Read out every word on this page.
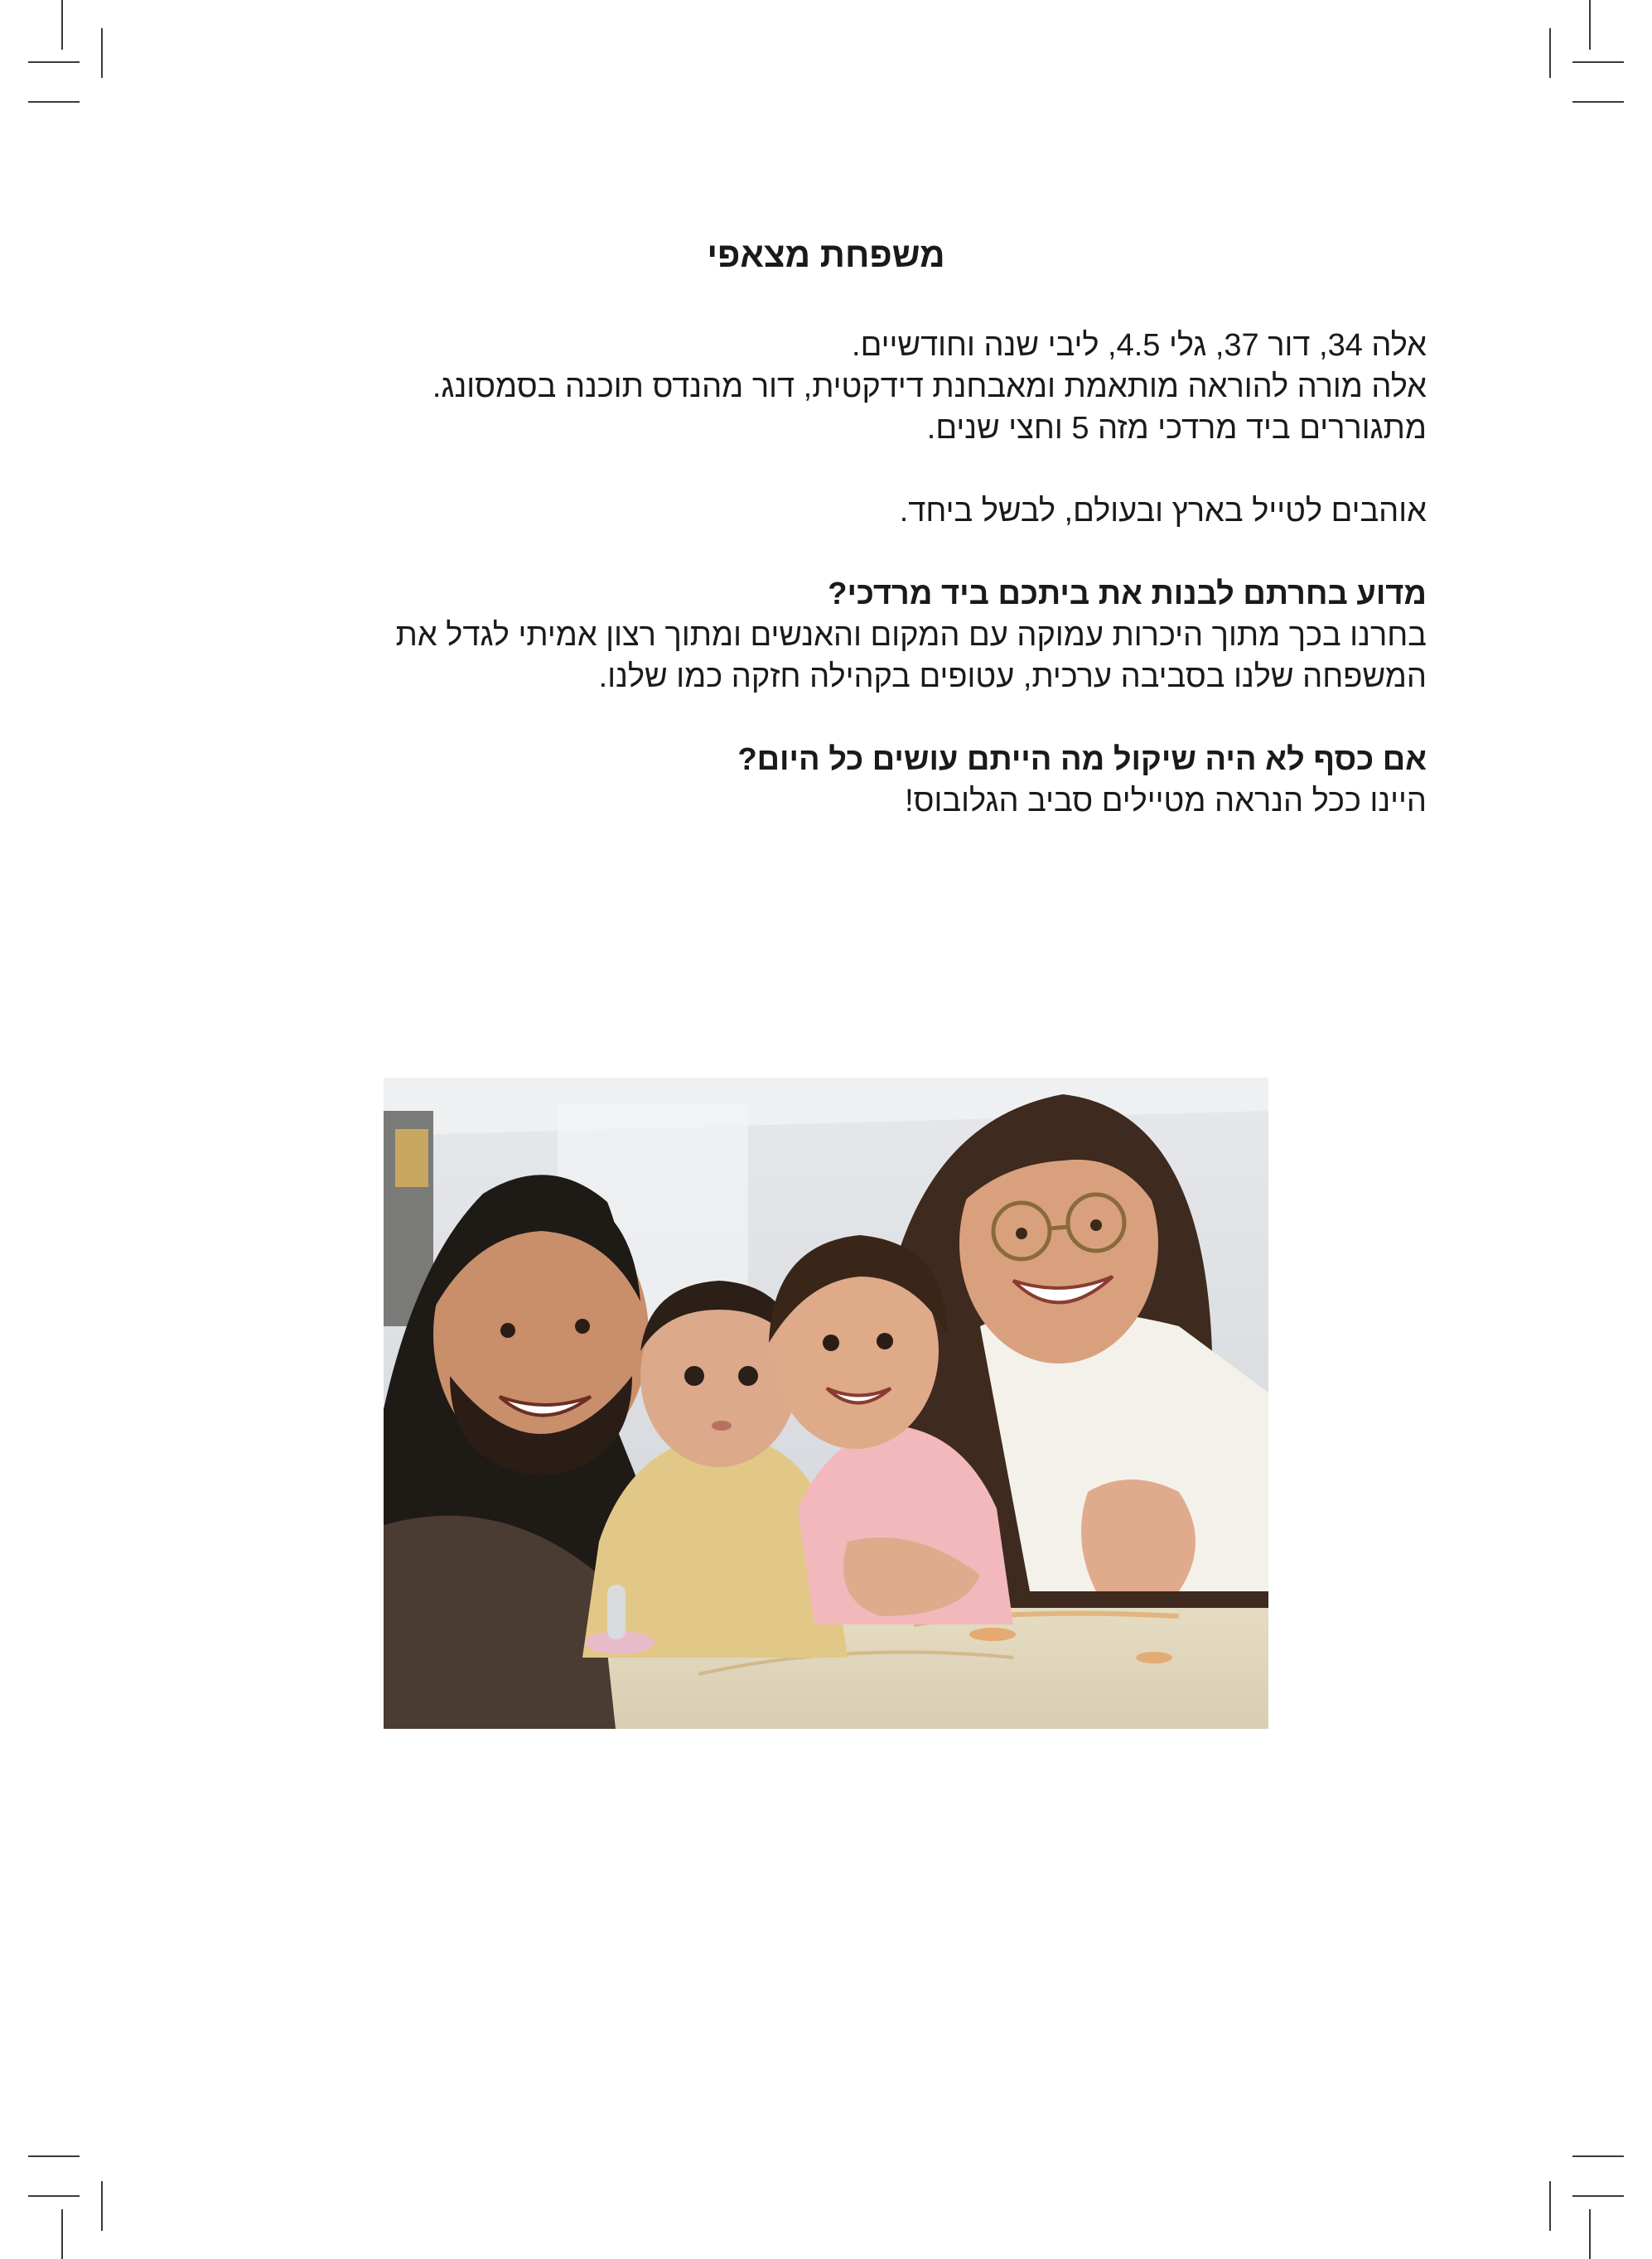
משפחת מצאפי

אלה 34, דור 37, גלי 4.5, ליבי שנה וחודשיים.

אלה מורה להוראה מותאמת ומאבחנת דידקטית, דור מהנדס תוכנה בסמסונג.

מתגוררים ביד מרדכי מזה 5 וחצי שנים.

אוהבים לטייל בארץ ובעולם, לבשל ביחד.

מדוע בחרתם לבנות את ביתכם ביד מרדכי?

בחרנו בכך מתוך היכרות עמוקה עם המקום והאנשים ומתוך רצון אמיתי לגדל את

המשפחה שלנו בסביבה ערכית, עטופים בקהילה חזקה כמו שלנו.

אם כסף לא היה שיקול מה הייתם עושים כל היום?

היינו ככל הנראה מטיילים סביב הגלובוס!
